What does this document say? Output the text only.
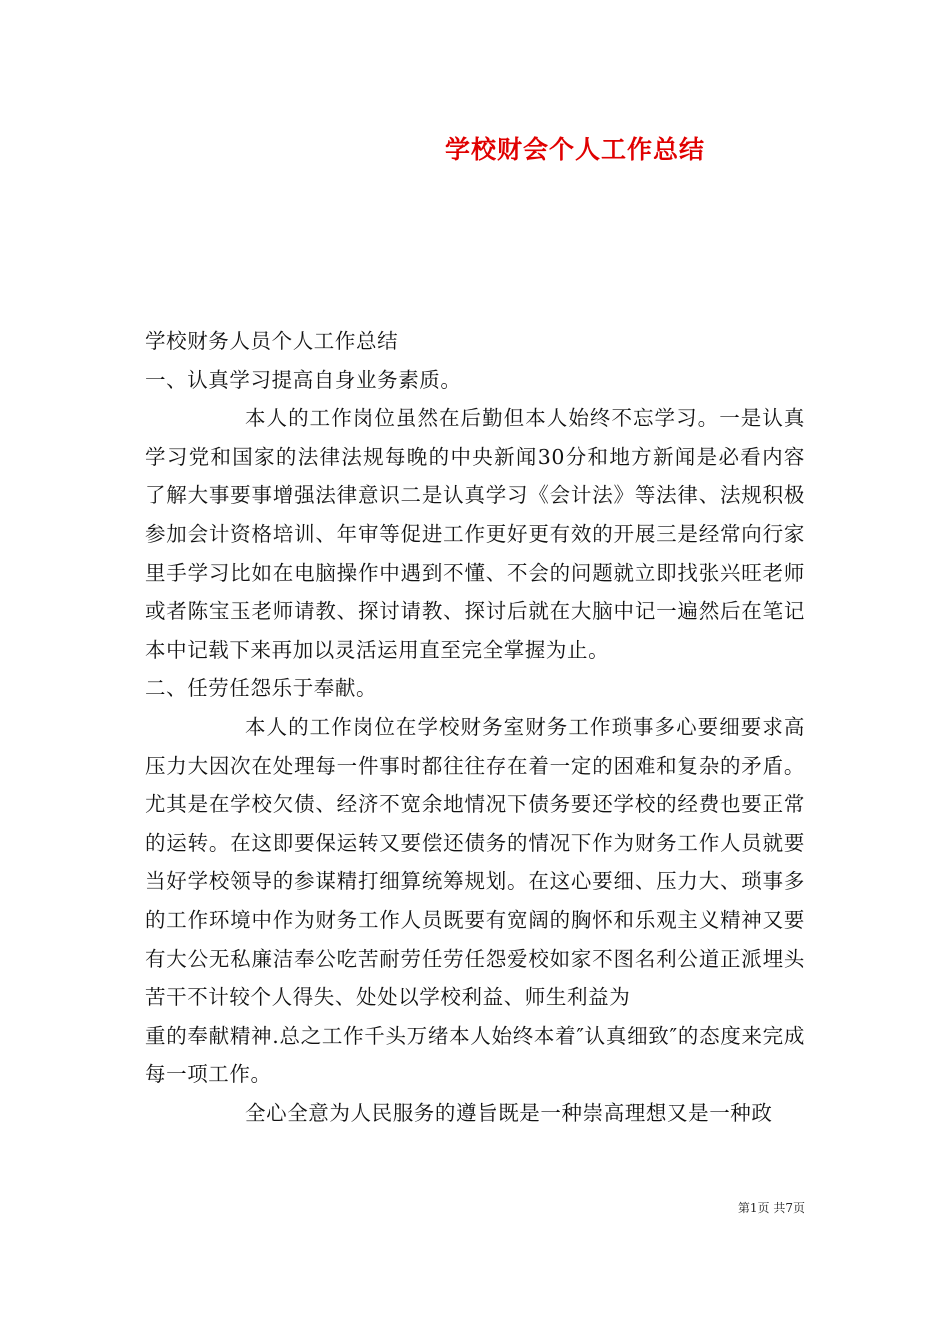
学校财会个人工作总结

学校财务人员个人工作总结

一、认真学习提高自身业务素质。

本人的工作岗位虽然在后勤但本人始终不忘学习。一是认真学习党和国家的法律法规每晚的中央新闻30分和地方新闻是必看内容了解大事要事增强法律意识二是认真学习《会计法》等法律、法规积极参加会计资格培训、年审等促进工作更好更有效的开展三是经常向行家里手学习比如在电脑操作中遇到不懂、不会的问题就立即找张兴旺老师或者陈宝玉老师请教、探讨请教、探讨后就在大脑中记一遍然后在笔记本中记载下来再加以灵活运用直至完全掌握为止。

二、任劳任怨乐于奉献。

本人的工作岗位在学校财务室财务工作琐事多心要细要求高压力大因次在处理每一件事时都往往存在着一定的困难和复杂的矛盾。尤其是在学校欠债、经济不宽余地情况下债务要还学校的经费也要正常的运转。在这即要保运转又要偿还债务的情况下作为财务工作人员就要当好学校领导的参谋精打细算统筹规划。在这心要细、压力大、琐事多的工作环境中作为财务工作人员既要有宽阔的胸怀和乐观主义精神又要有大公无私廉洁奉公吃苦耐劳任劳任怨爱校如家不图名利公道正派埋头苦干不计较个人得失、处处以学校利益、师生利益为

重的奉献精神.总之工作千头万绪本人始终本着″认真细致″的态度来完成每一项工作。

全心全意为人民服务的遵旨既是一种崇高理想又是一种政

第1页 共7页
